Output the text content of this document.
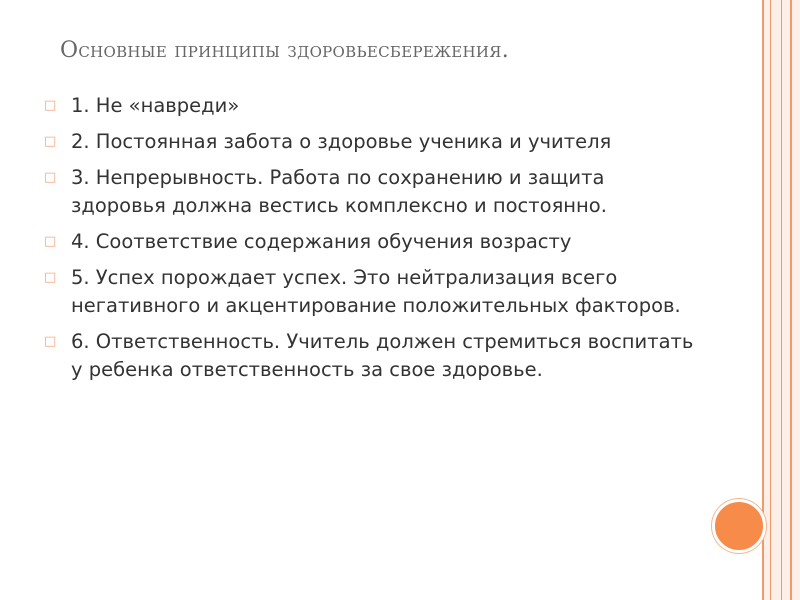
Основные принципы здоровьесбережения.
□ 1. Не «навреди»
□ 2. Постоянная забота о здоровье ученика и учителя
□ 3. Непрерывность. Работа по сохранению и защита здоровья должна вестись комплексно и постоянно.
□ 4. Соответствие содержания обучения возрасту
□ 5. Успех порождает успех. Это нейтрализация всего негативного и акцентирование положительных факторов.
□ 6. Ответственность. Учитель должен стремиться воспитать у ребенка ответственность за свое здоровье.
